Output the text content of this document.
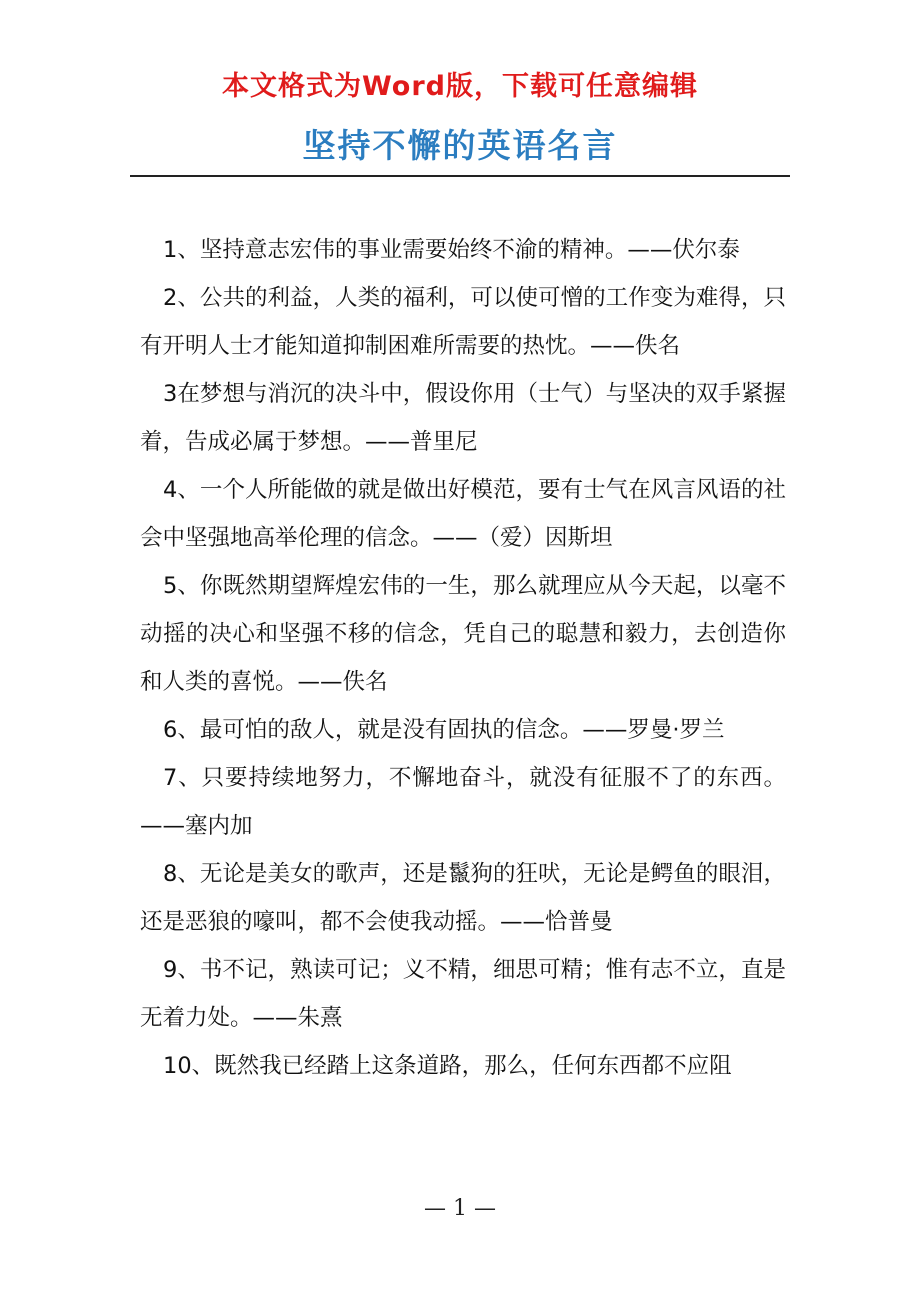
本文格式为Word版，下载可任意编辑
坚持不懈的英语名言

1、坚持意志宏伟的事业需要始终不渝的精神。——伏尔泰

2、公共的利益，人类的福利，可以使可憎的工作变为难得，只有开明人士才能知道抑制困难所需要的热忱。——佚名

3在梦想与消沉的决斗中，假设你用（士气）与坚决的双手紧握着，告成必属于梦想。——普里尼

4、一个人所能做的就是做出好模范，要有士气在风言风语的社会中坚强地高举伦理的信念。——（爱）因斯坦

5、你既然期望辉煌宏伟的一生，那么就理应从今天起，以毫不动摇的决心和坚强不移的信念，凭自己的聪慧和毅力，去创造你和人类的喜悦。——佚名

6、最可怕的敌人，就是没有固执的信念。——罗曼·罗兰

7、只要持续地努力，不懈地奋斗，就没有征服不了的东西。——塞内加

8、无论是美女的歌声，还是鬣狗的狂吠，无论是鳄鱼的眼泪，还是恶狼的嚎叫，都不会使我动摇。——恰普曼

9、书不记，熟读可记；义不精，细思可精；惟有志不立，直是无着力处。——朱熹

10、既然我已经踏上这条道路，那么，任何东西都不应阻

— 1 —
